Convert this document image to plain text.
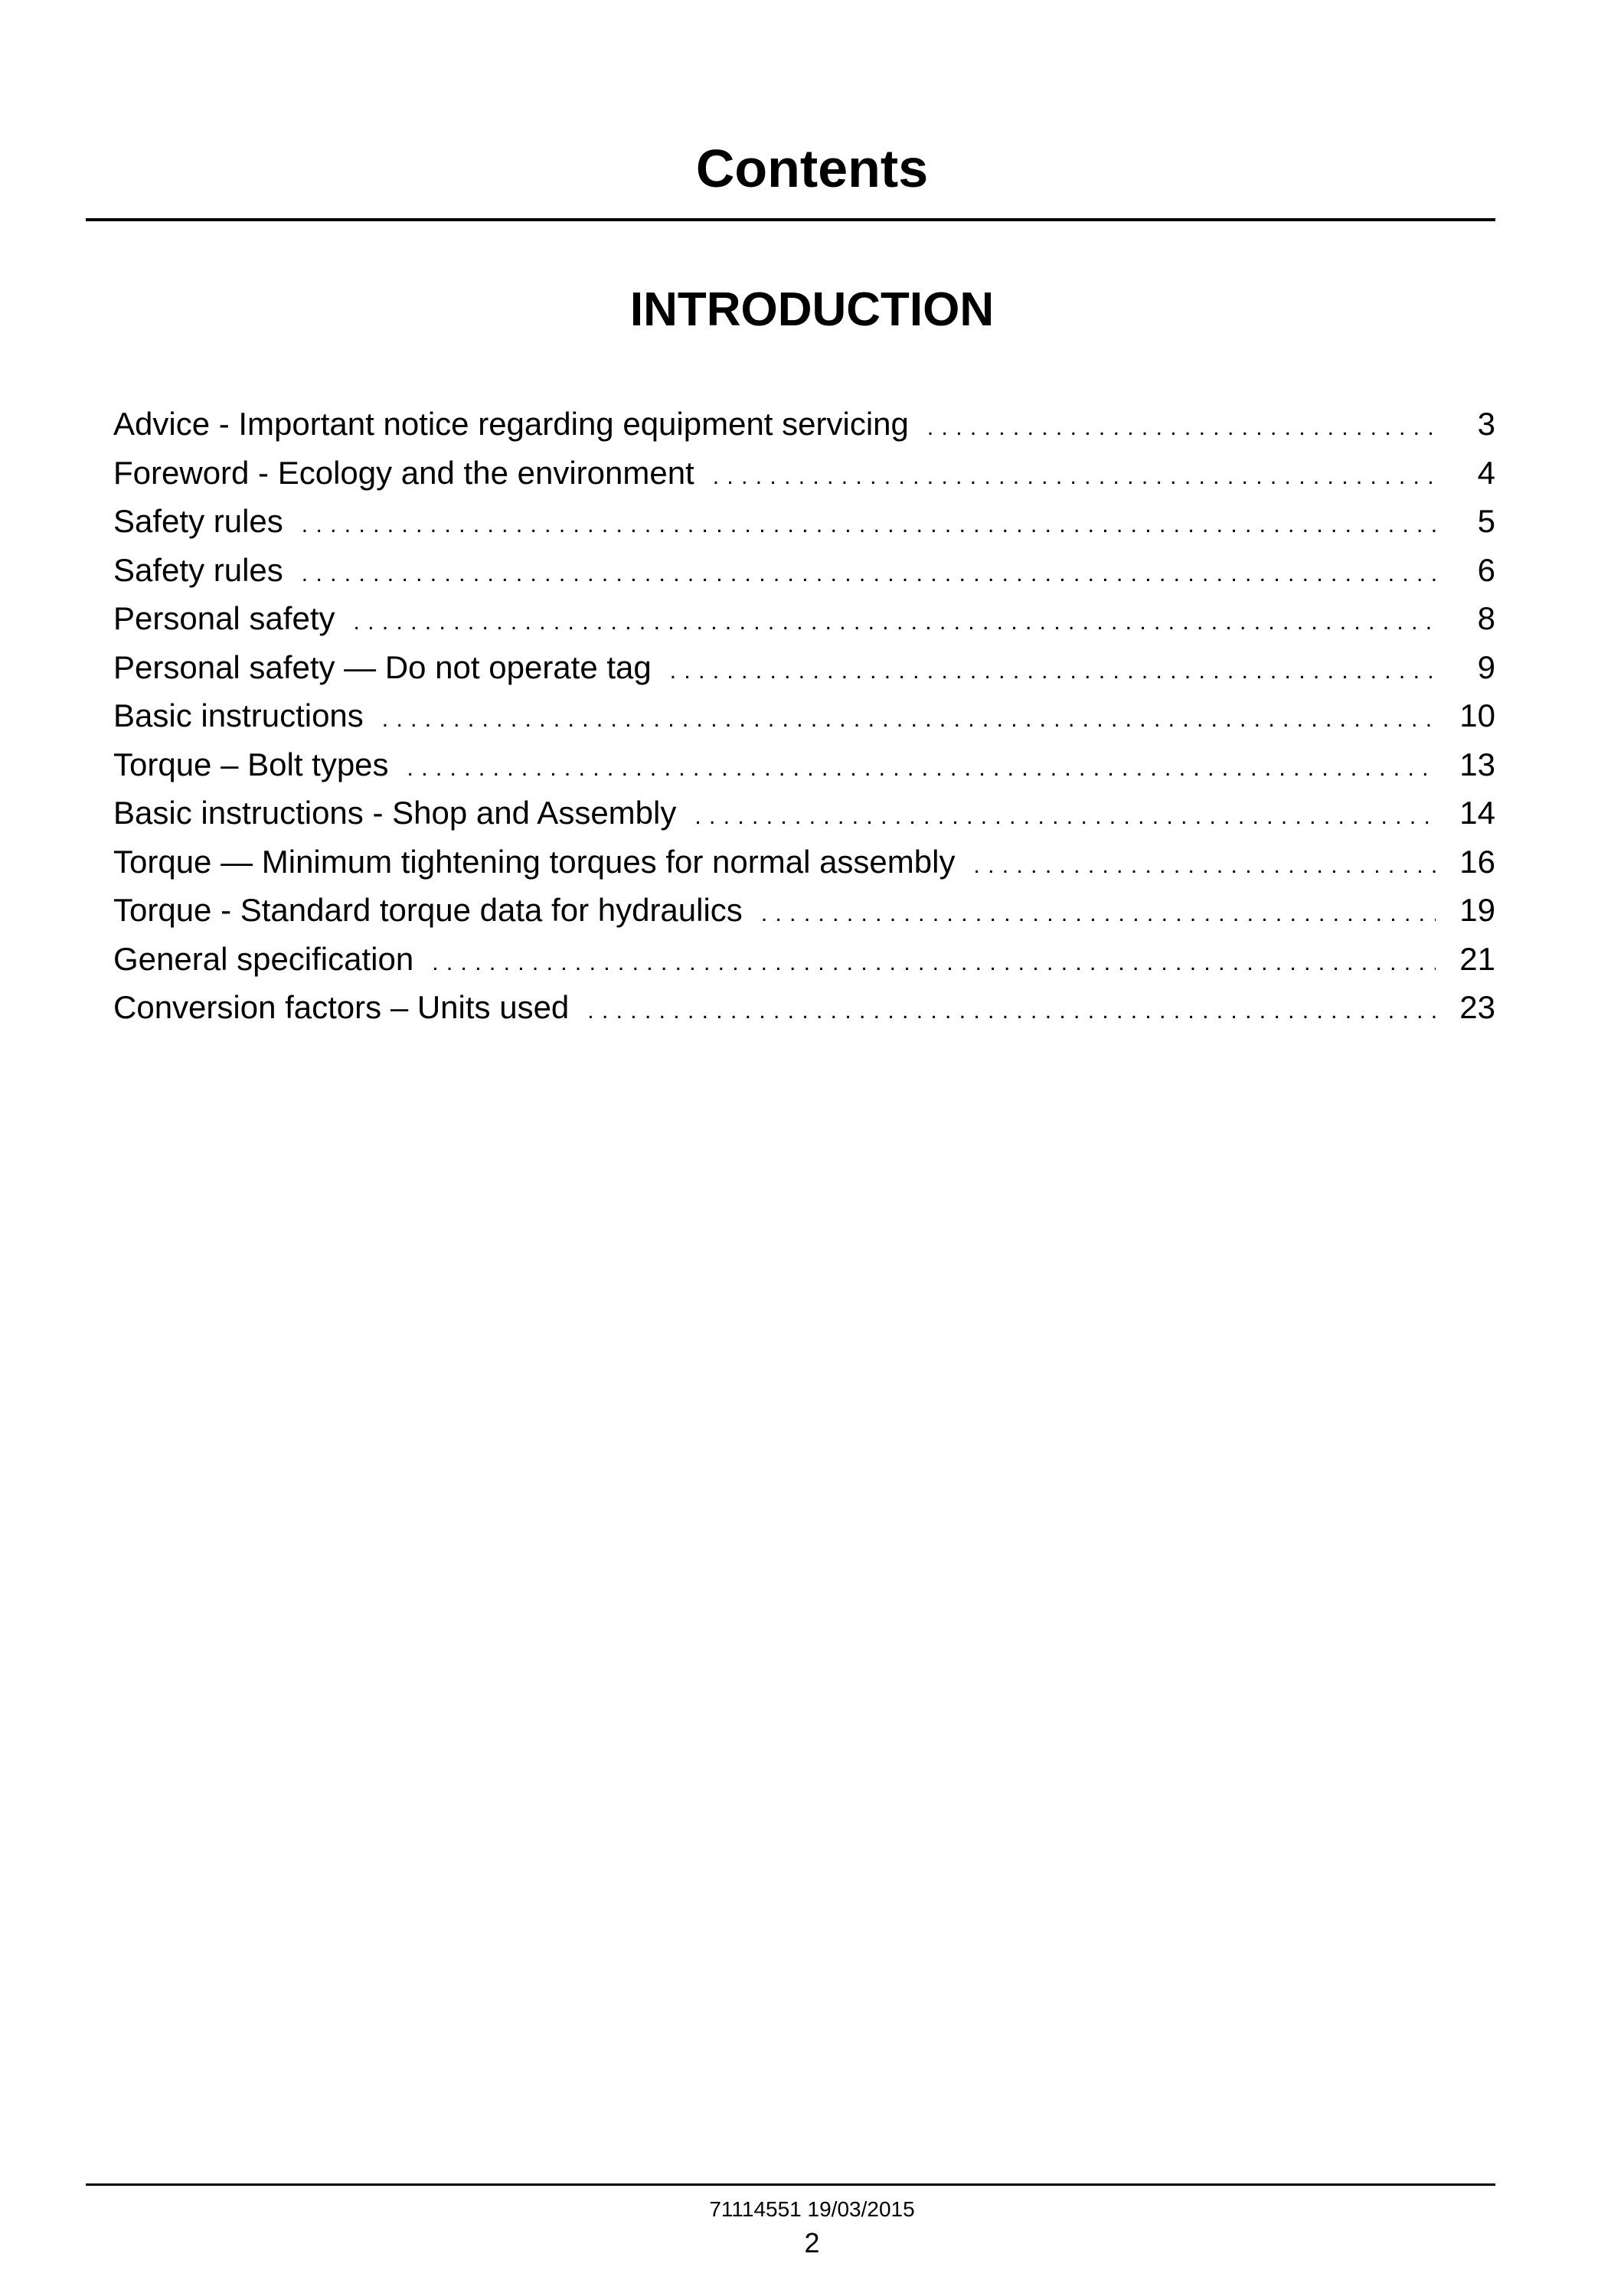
Contents
INTRODUCTION
Advice - Important notice regarding equipment servicing . . .	3
Foreword - Ecology and the environment . . .	4
Safety rules . . .	5
Safety rules . . .	6
Personal safety . . .	8
Personal safety — Do not operate tag . . .	9
Basic instructions . . .	10
Torque – Bolt types . . .	13
Basic instructions - Shop and Assembly . . .	14
Torque — Minimum tightening torques for normal assembly . . .	16
Torque - Standard torque data for hydraulics . . .	19
General specification . . .	21
Conversion factors – Units used . . .	23
71114551 19/03/2015
2
